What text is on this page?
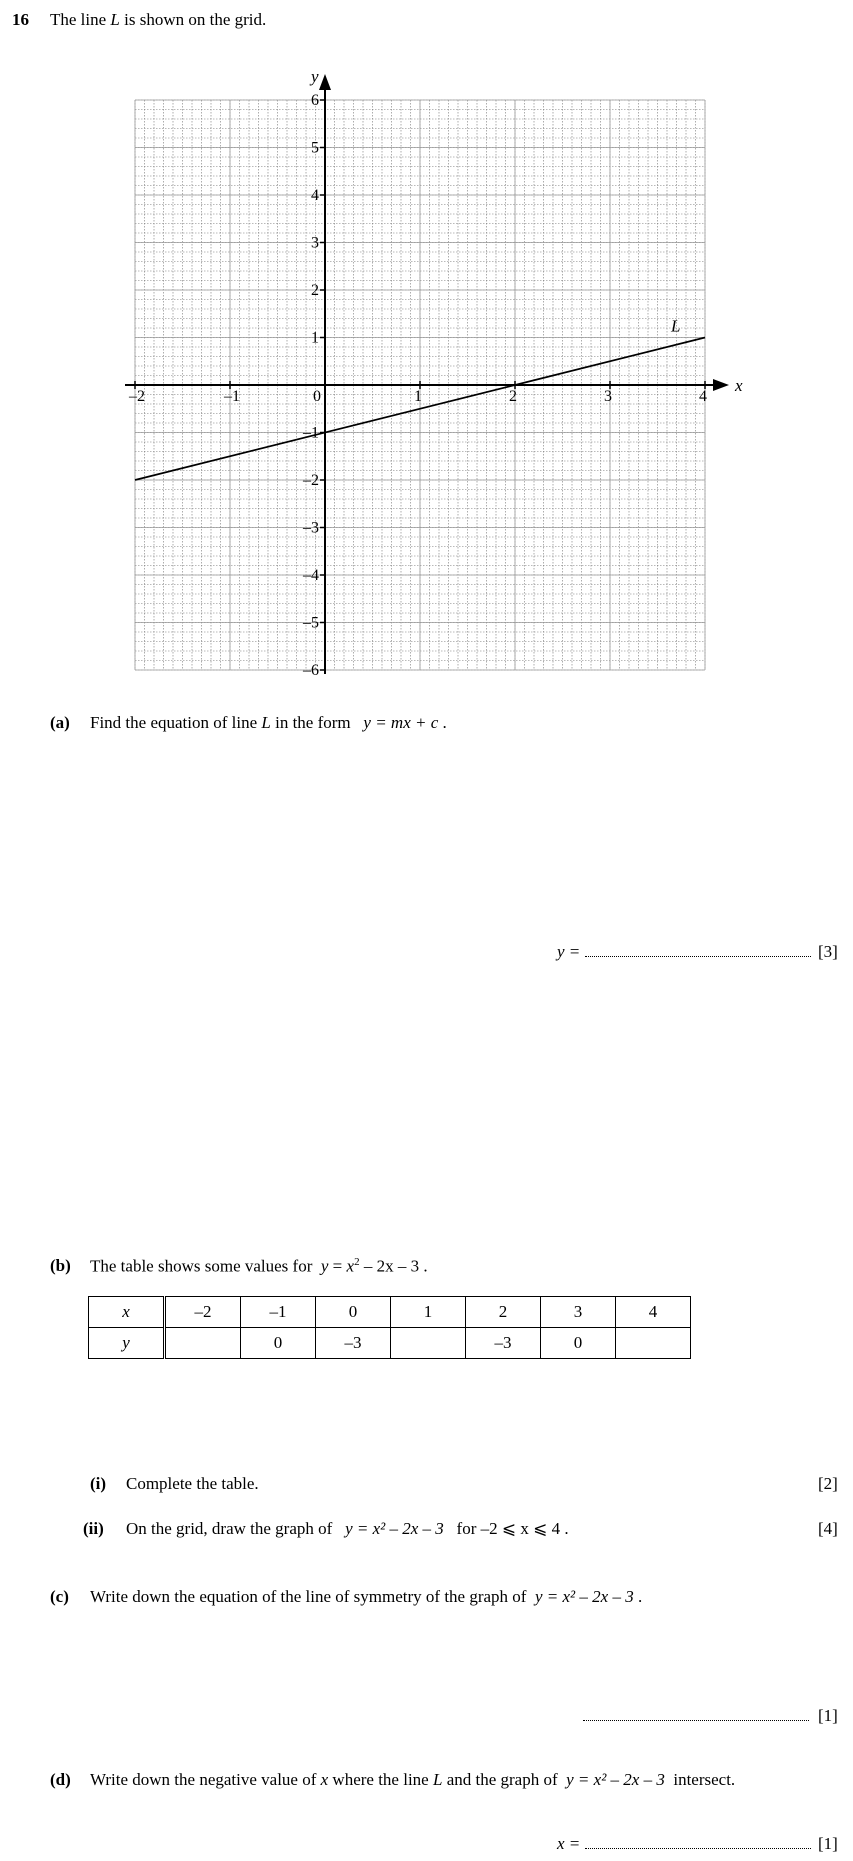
16 The line L is shown on the grid.
x
y
–2	–1	0	1	2	3	4
6
5
4
3
2
1
–1
–2
–3
–4
–5
–6
L
(a) Find the equation of line L in the form   y = mx + c .
y =	[3]
(b) The table shows some values for  $y = x^2 - 2x - 3$ .
x	–2	–1	0	1	2	3	4
y		0	–3		–3	0	
(i) Complete the table.	[2]
(ii) On the grid, draw the graph of   y = x² – 2x – 3 for –2 ⩽ x ⩽ 4 .	[4]
(c) Write down the equation of the line of symmetry of the graph of  y = x² – 2x – 3 .
[1]
(d) Write down the negative value of x where the line L and the graph of  y = x² – 2x – 3 intersect.
x =	[1]
